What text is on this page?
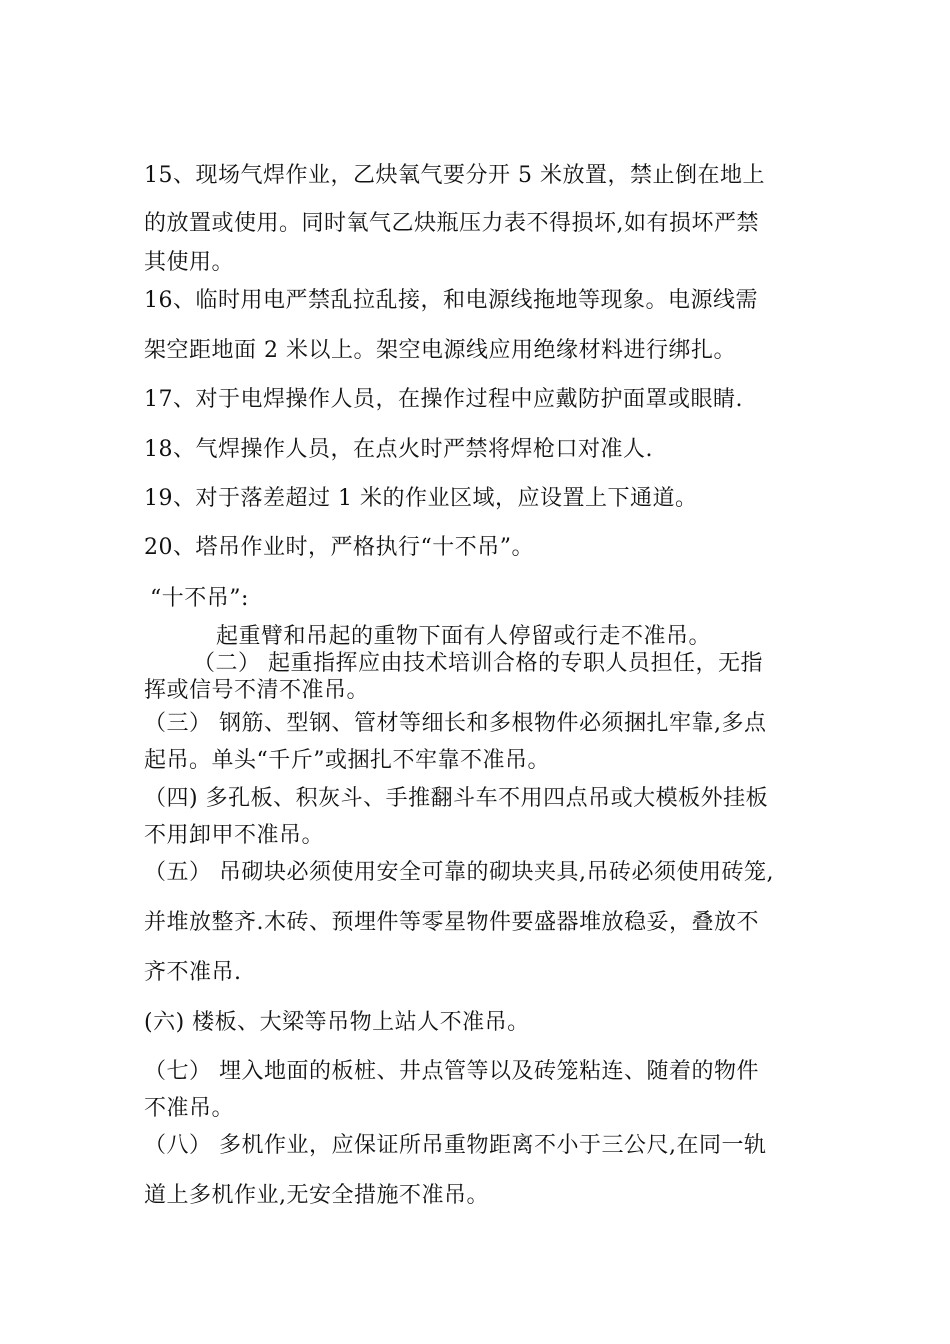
15、现场气焊作业，乙炔氧气要分开 5 米放置，禁止倒在地上
的放置或使用。同时氧气乙炔瓶压力表不得损坏,如有损坏严禁
其使用。
16、临时用电严禁乱拉乱接，和电源线拖地等现象。电源线需
架空距地面 2 米以上。架空电源线应用绝缘材料进行绑扎。
17、对于电焊操作人员，在操作过程中应戴防护面罩或眼睛.
18、气焊操作人员，在点火时严禁将焊枪口对准人.
19、对于落差超过 1 米的作业区域，应设置上下通道。
20、塔吊作业时，严格执行“十不吊”。
“十不吊”:
起重臂和吊起的重物下面有人停留或行走不准吊。
（二） 起重指挥应由技术培训合格的专职人员担任，无指
挥或信号不清不准吊。
（三） 钢筋、型钢、管材等细长和多根物件必须捆扎牢靠,多点
起吊。单头“千斤”或捆扎不牢靠不准吊。
（四) 多孔板、积灰斗、手推翻斗车不用四点吊或大模板外挂板
不用卸甲不准吊。
（五） 吊砌块必须使用安全可靠的砌块夹具,吊砖必须使用砖笼,
并堆放整齐.木砖、预埋件等零星物件要盛器堆放稳妥，叠放不
齐不准吊.
(六) 楼板、大梁等吊物上站人不准吊。
（七） 埋入地面的板桩、井点管等以及砖笼粘连、随着的物件
不准吊。
（八） 多机作业，应保证所吊重物距离不小于三公尺,在同一轨
道上多机作业,无安全措施不准吊。
